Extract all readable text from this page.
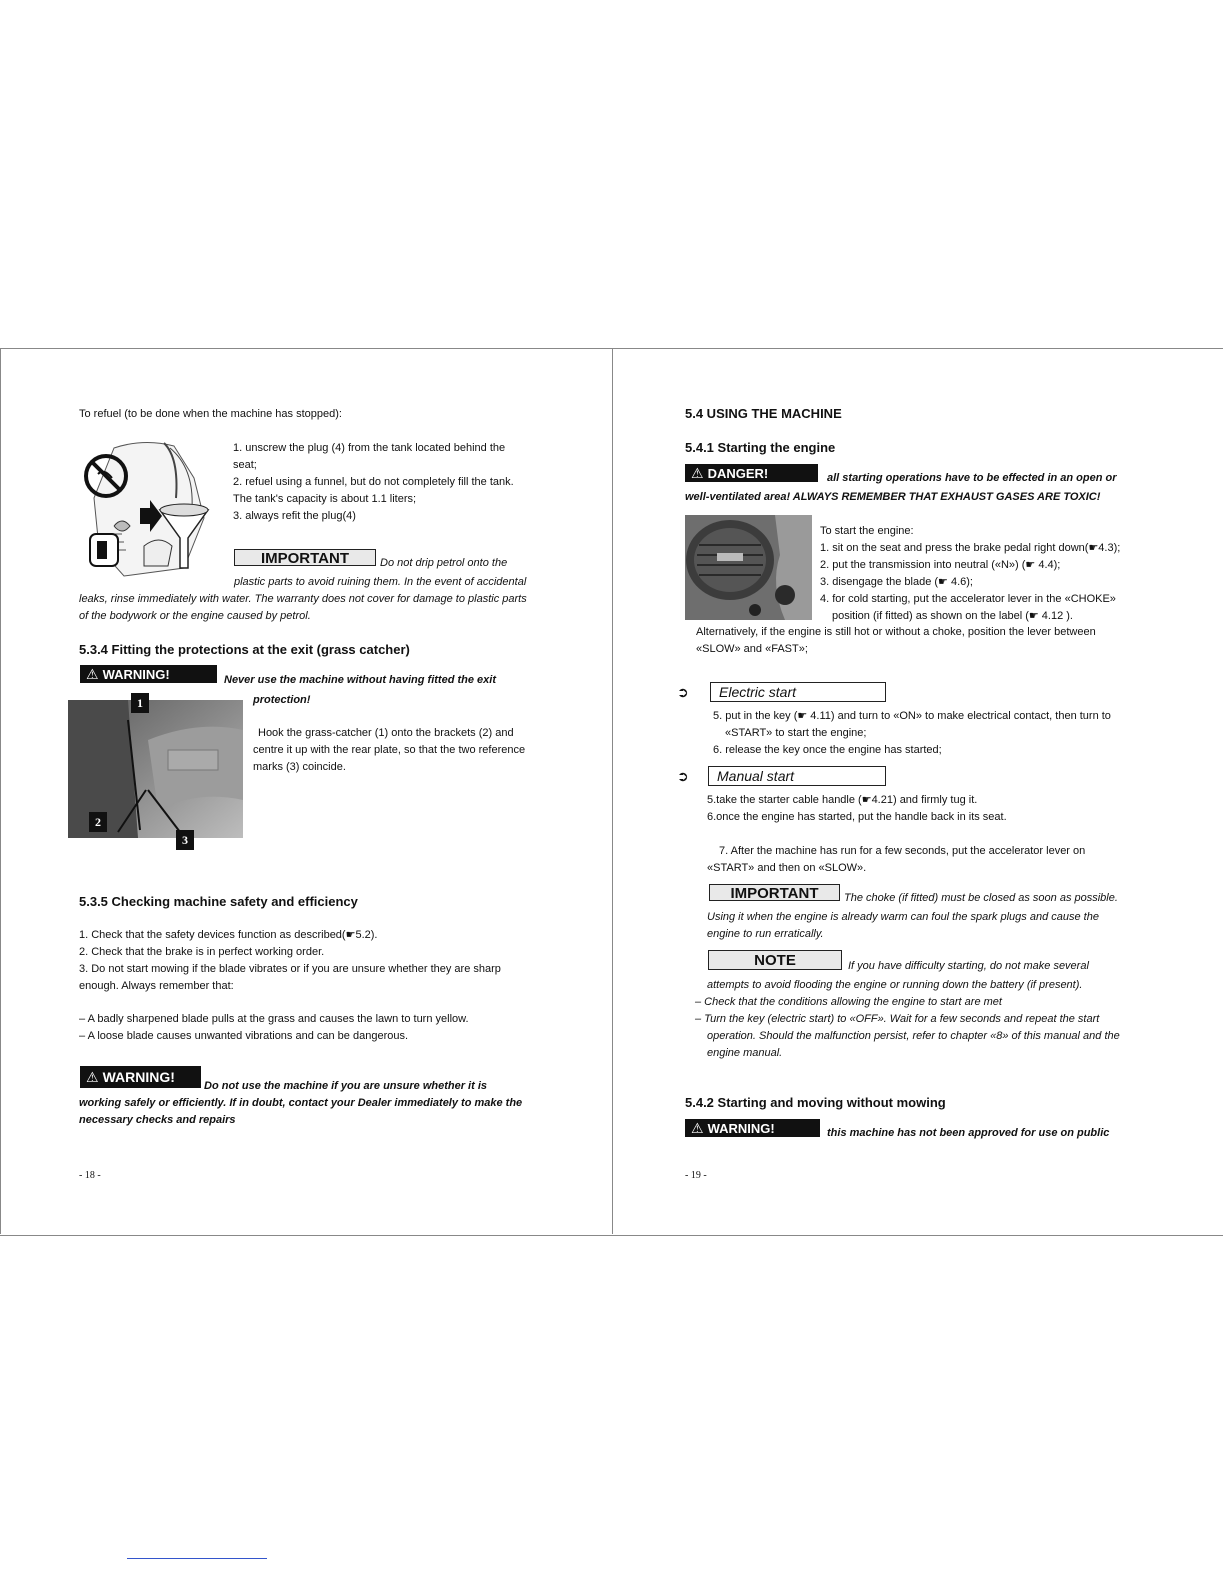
To refuel (to be done when the machine has stopped):
1. unscrew the plug (4) from the tank located behind the seat;
2. refuel using a funnel, but do not completely fill the tank. The tank's capacity is about 1.1 liters;
3. always refit the plug(4)
IMPORTANT	Do not drip petrol onto the
plastic parts to avoid ruining them. In the event of accidental leaks, rinse immediately with water. The warranty does not cover for damage to plastic parts of the bodywork or the engine caused by petrol.
5.3.4 Fitting the protections at the exit (grass catcher)
⚠ WARNING!	Never use the machine without having fitted the exit
protection!
1
2
3
Hook the grass-catcher (1) onto the brackets (2) and centre it up with the rear plate, so that the two reference marks (3) coincide.
5.3.5 Checking machine safety and efficiency
1. Check that the safety devices function as described(☛5.2).
2. Check that the brake is in perfect working order.
3. Do not start mowing if the blade vibrates or if you are unsure whether they are sharp enough. Always remember that:
– A badly sharpened blade pulls at the grass and causes the lawn to turn yellow.
– A loose blade causes unwanted vibrations and can be dangerous.
⚠ WARNING!
Do not use the machine if you are unsure whether it is
working safely or efficiently. If in doubt, contact your Dealer immediately to make the necessary checks and repairs
- 18 -
5.4 USING THE MACHINE
5.4.1 Starting the engine
⚠ DANGER!	all starting operations have to be effected in an open or
well-ventilated area! ALWAYS REMEMBER THAT EXHAUST GASES ARE TOXIC!
To start the engine:
1. sit on the seat and press the brake pedal right down(☛4.3);
2. put the transmission into neutral («N») (☛ 4.4);
3. disengage the blade (☛ 4.6);
4. for cold starting, put the accelerator lever in the «CHOKE» position (if fitted) as shown on the label (☛ 4.12 ).
Alternatively, if the engine is still hot or without a choke, position the lever between «SLOW» and «FAST»;
➲	Electric start
5. put in the key (☛ 4.11) and turn to «ON» to make electrical contact, then turn to «START» to start the engine;
6. release the key once the engine has started;
➲	Manual start
5.take the starter cable handle (☛4.21) and firmly tug it.
6.once the engine has started, put the handle back in its seat.
7. After the machine has run for a few seconds, put the accelerator lever on «START» and then on «SLOW».
IMPORTANT	The choke (if fitted) must be closed as soon as possible.
Using it when the engine is already warm can foul the spark plugs and cause the engine to run erratically.
NOTE	If you have difficulty starting, do not make several
attempts to avoid flooding the engine or running down the battery (if present).
– Check that the conditions allowing the engine to start are met
– Turn the key (electric start) to «OFF». Wait for a few seconds and repeat the start operation. Should the malfunction persist, refer to chapter «8» of this manual and the engine manual.
5.4.2 Starting and moving without mowing
⚠ WARNING!	this machine has not been approved for use on public
- 19 -
